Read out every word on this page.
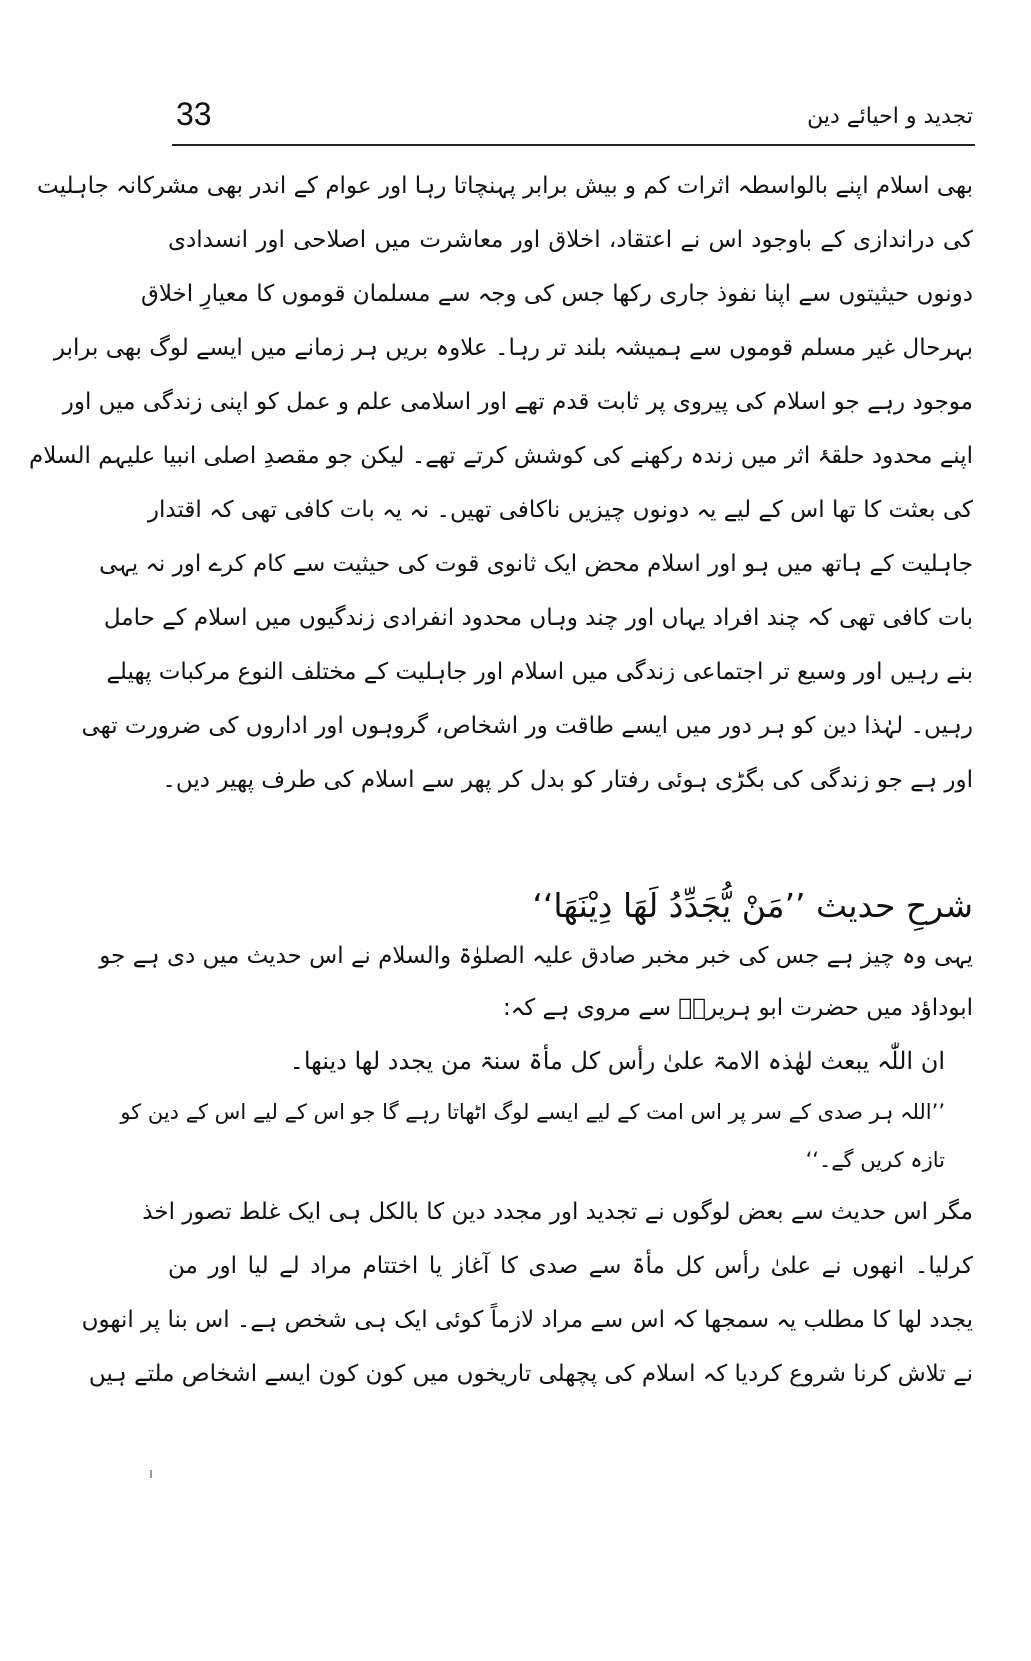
33	تجدید و احیائے دین
بھی اسلام اپنے بالواسطہ اثرات کم و بیش برابر پہنچاتا رہا اور عوام کے اندر بھی مشرکانہ جاہلیت
کی دراندازی کے باوجود اس نے اعتقاد، اخلاق اور معاشرت میں اصلاحی اور انسدادی
دونوں حیثیتوں سے اپنا نفوذ جاری رکھا جس کی وجہ سے مسلمان قوموں کا معیارِ اخلاق
بہرحال غیر مسلم قوموں سے ہمیشہ بلند تر رہا۔ علاوہ بریں ہر زمانے میں ایسے لوگ بھی برابر
موجود رہے جو اسلام کی پیروی پر ثابت قدم تھے اور اسلامی علم و عمل کو اپنی زندگی میں اور
اپنے محدود حلقۂ اثر میں زندہ رکھنے کی کوشش کرتے تھے۔ لیکن جو مقصدِ اصلی انبیا علیہم السلام
کی بعثت کا تھا اس کے لیے یہ دونوں چیزیں ناکافی تھیں۔ نہ یہ بات کافی تھی کہ اقتدار
جاہلیت کے ہاتھ میں ہو اور اسلام محض ایک ثانوی قوت کی حیثیت سے کام کرے اور نہ یہی
بات کافی تھی کہ چند افراد یہاں اور چند وہاں محدود انفرادی زندگیوں میں اسلام کے حامل
بنے رہیں اور وسیع تر اجتماعی زندگی میں اسلام اور جاہلیت کے مختلف النوع مرکبات پھیلے
رہیں۔ لہٰذا دین کو ہر دور میں ایسے طاقت ور اشخاص، گروہوں اور اداروں کی ضرورت تھی
اور ہے جو زندگی کی بگڑی ہوئی رفتار کو بدل کر پھر سے اسلام کی طرف پھیر دیں۔
شرحِ حدیث ’’مَنْ یُّجَدِّدُ لَھَا دِیْنَھَا‘‘
یہی وہ چیز ہے جس کی خبر مخبر صادق علیہ الصلوٰۃ والسلام نے اس حدیث میں دی ہے جو
ابوداؤد میں حضرت ابو ہریرہؓ سے مروی ہے کہ:
ان اللّٰہ یبعث لھٰذہ الامۃ علیٰ رأس کل مأۃ سنۃ من یجدد لھا دینھا۔
’’اللہ ہر صدی کے سر پر اس امت کے لیے ایسے لوگ اٹھاتا رہے گا جو اس کے لیے اس کے دین کو
تازہ کریں گے۔‘‘
مگر اس حدیث سے بعض لوگوں نے تجدید اور مجدد دین کا بالکل ہی ایک غلط تصور اخذ
کرلیا۔ انھوں نے علیٰ رأس کل مأۃ سے صدی کا آغاز یا اختتام مراد لے لیا اور من
یجدد لھا کا مطلب یہ سمجھا کہ اس سے مراد لازماً کوئی ایک ہی شخص ہے۔ اس بنا پر انھوں
نے تلاش کرنا شروع کردیا کہ اسلام کی پچھلی تاریخوں میں کون کون ایسے اشخاص ملتے ہیں
